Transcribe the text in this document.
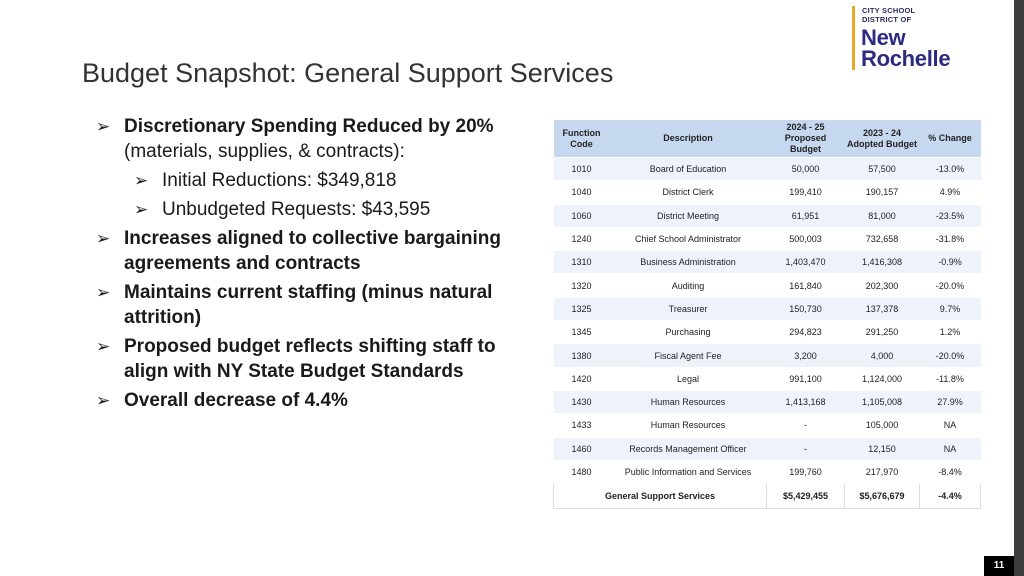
CITY SCHOOL
DISTRICT OF
New
Rochelle
Budget Snapshot: General Support Services
➢ Discretionary Spending Reduced by 20% (materials, supplies, & contracts):
➢ Initial Reductions: $349,818
➢ Unbudgeted Requests: $43,595
➢ Increases aligned to collective bargaining agreements and contracts
➢ Maintains current staffing (minus natural attrition)
➢ Proposed budget reflects shifting staff to align with NY State Budget Standards
➢ Overall decrease of 4.4%
Function Code	Description	2024 - 25 Proposed Budget	2023 - 24 Adopted Budget	% Change
1010	Board of Education	50,000	57,500	-13.0%
1040	District Clerk	199,410	190,157	4.9%
1060	District Meeting	61,951	81,000	-23.5%
1240	Chief School Administrator	500,003	732,658	-31.8%
1310	Business Administration	1,403,470	1,416,308	-0.9%
1320	Auditing	161,840	202,300	-20.0%
1325	Treasurer	150,730	137,378	9.7%
1345	Purchasing	294,823	291,250	1.2%
1380	Fiscal Agent Fee	3,200	4,000	-20.0%
1420	Legal	991,100	1,124,000	-11.8%
1430	Human Resources	1,413,168	1,105,008	27.9%
1433	Human Resources	-	105,000	NA
1460	Records Management Officer	-	12,150	NA
1480	Public Information and Services	199,760	217,970	-8.4%
General Support Services		$5,429,455	$5,676,679	-4.4%
11
